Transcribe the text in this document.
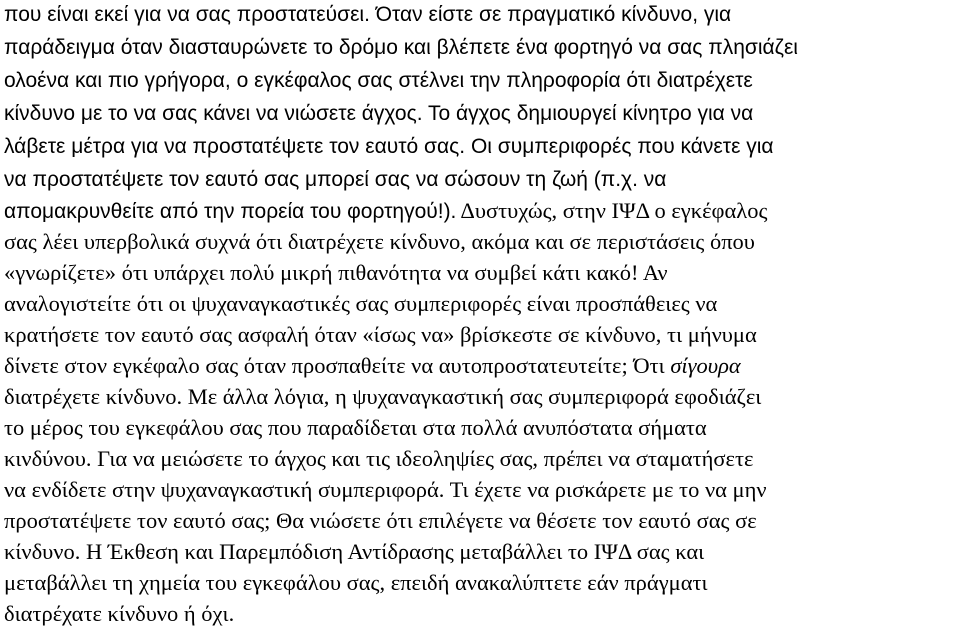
που είναι εκεί για να σας προστατεύσει. Όταν είστε σε πραγματικό κίνδυνο, για
παράδειγμα όταν διασταυρώνετε το δρόμο και βλέπετε ένα φορτηγό να σας πλησιάζει
ολοένα και πιο γρήγορα, ο εγκέφαλος σας στέλνει την πληροφορία ότι διατρέχετε
κίνδυνο με το να σας κάνει να νιώσετε άγχος. Το άγχος δημιουργεί κίνητρο για να
λάβετε μέτρα για να προστατέψετε τον εαυτό σας. Οι συμπεριφορές που κάνετε για
να προστατέψετε τον εαυτό σας μπορεί σας να σώσουν τη ζωή (π.χ. να
απομακρυνθείτε από την πορεία του φορτηγού!). Δυστυχώς, στην ΙΨΔ ο εγκέφαλος
σας λέει υπερβολικά συχνά ότι διατρέχετε κίνδυνο, ακόμα και σε περιστάσεις όπου
«γνωρίζετε» ότι υπάρχει πολύ μικρή πιθανότητα να συμβεί κάτι κακό! Αν
αναλογιστείτε ότι οι ψυχαναγκαστικές σας συμπεριφορές είναι προσπάθειες να
κρατήσετε τον εαυτό σας ασφαλή όταν «ίσως να» βρίσκεστε σε κίνδυνο, τι μήνυμα
δίνετε στον εγκέφαλο σας όταν προσπαθείτε να αυτοπροστατευτείτε; Ότι σίγουρα
διατρέχετε κίνδυνο. Με άλλα λόγια, η ψυχαναγκαστική σας συμπεριφορά εφοδιάζει
το μέρος του εγκεφάλου σας που παραδίδεται στα πολλά ανυπόστατα σήματα
κινδύνου. Για να μειώσετε το άγχος και τις ιδεοληψίες σας, πρέπει να σταματήσετε
να ενδίδετε στην ψυχαναγκαστική συμπεριφορά. Τι έχετε να ρισκάρετε με το να μην
προστατέψετε τον εαυτό σας; Θα νιώσετε ότι επιλέγετε να θέσετε τον εαυτό σας σε
κίνδυνο. Η Έκθεση και Παρεμπόδιση Αντίδρασης μεταβάλλει το ΙΨΔ σας και
μεταβάλλει τη χημεία του εγκεφάλου σας, επειδή ανακαλύπτετε εάν πράγματι
διατρέχατε κίνδυνο ή όχι.
